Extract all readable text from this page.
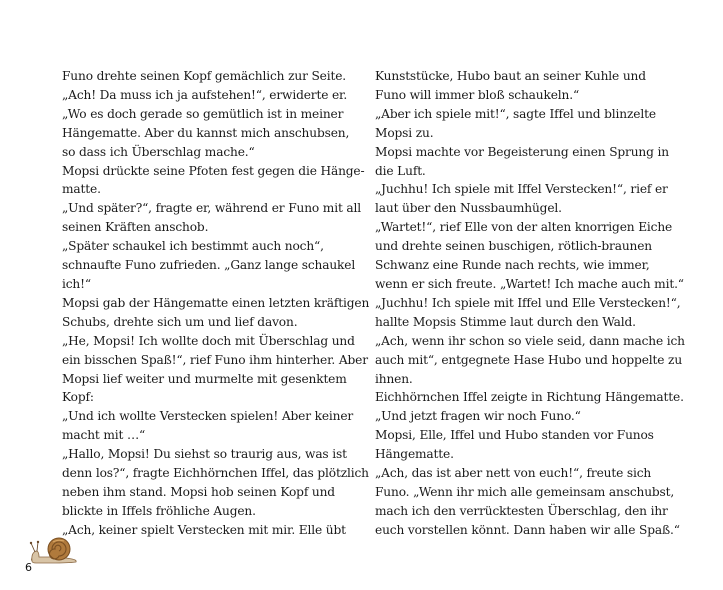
Funo drehte seinen Kopf gemächlich zur Seite.
„Ach! Da muss ich ja aufstehen!“, erwiderte er.
„Wo es doch gerade so gemütlich ist in meiner
Hängematte. Aber du kannst mich anschubsen,
so dass ich Überschlag mache.“
Mopsi drückte seine Pfoten fest gegen die Hänge-
matte.
„Und später?“, fragte er, während er Funo mit all
seinen Kräften anschob.
„Später schaukel ich bestimmt auch noch“,
schnaufte Funo zufrieden. „Ganz lange schaukel
ich!“
Mopsi gab der Hängematte einen letzten kräftigen
Schubs, drehte sich um und lief davon.
„He, Mopsi! Ich wollte doch mit Überschlag und
ein bisschen Spaß!“, rief Funo ihm hinterher. Aber
Mopsi lief weiter und murmelte mit gesenktem
Kopf:
„Und ich wollte Verstecken spielen! Aber keiner
macht mit …“
„Hallo, Mopsi! Du siehst so traurig aus, was ist
denn los?“, fragte Eichhörnchen Iffel, das plötzlich
neben ihm stand. Mopsi hob seinen Kopf und
blickte in Iffels fröhliche Augen.
„Ach, keiner spielt Verstecken mit mir. Elle übt
Kunststücke, Hubo baut an seiner Kuhle und
Funo will immer bloß schaukeln.“
„Aber ich spiele mit!“, sagte Iffel und blinzelte
Mopsi zu.
Mopsi machte vor Begeisterung einen Sprung in
die Luft.
„Juchhu! Ich spiele mit Iffel Verstecken!“, rief er
laut über den Nussbaumhügel.
„Wartet!“, rief Elle von der alten knorrigen Eiche
und drehte seinen buschigen, rötlich-braunen
Schwanz eine Runde nach rechts, wie immer,
wenn er sich freute. „Wartet! Ich mache auch mit.“
„Juchhu! Ich spiele mit Iffel und Elle Verstecken!“,
hallte Mopsis Stimme laut durch den Wald.
„Ach, wenn ihr schon so viele seid, dann mache ich
auch mit“, entgegnete Hase Hubo und hoppelte zu
ihnen.
Eichhörnchen Iffel zeigte in Richtung Hängematte.
„Und jetzt fragen wir noch Funo.“
Mopsi, Elle, Iffel und Hubo standen vor Funos
Hängematte.
„Ach, das ist aber nett von euch!“, freute sich
Funo. „Wenn ihr mich alle gemeinsam anschubst,
mach ich den verrücktesten Überschlag, den ihr
euch vorstellen könnt. Dann haben wir alle Spaß.“
6
